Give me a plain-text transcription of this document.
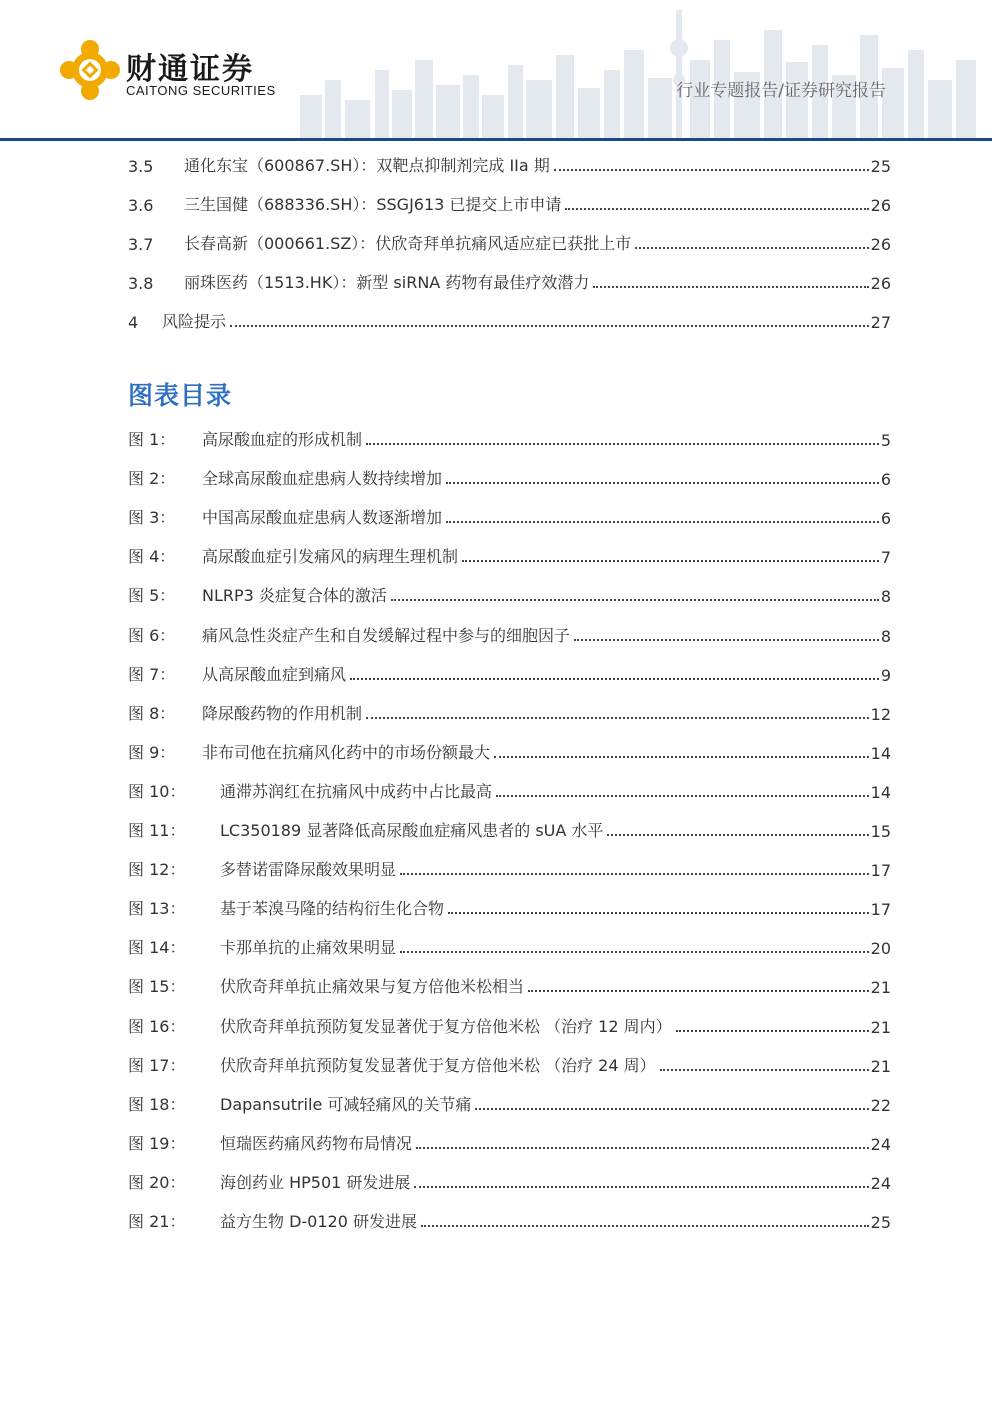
财通证券
CAITONG SECURITIES	行业专题报告/证券研究报告
3.5	通化东宝（600867.SH）：双靶点抑制剂完成 IIa 期	25
3.6	三生国健（688336.SH）：SSGJ613 已提交上市申请	26
3.7	长春高新（000661.SZ）：伏欣奇拜单抗痛风适应症已获批上市	26
3.8	丽珠医药（1513.HK）：新型 siRNA 药物有最佳疗效潜力	26
4	风险提示	27
图表目录
图 1：	高尿酸血症的形成机制	5
图 2：	全球高尿酸血症患病人数持续增加	6
图 3：	中国高尿酸血症患病人数逐渐增加	6
图 4：	高尿酸血症引发痛风的病理生理机制	7
图 5：	NLRP3 炎症复合体的激活	8
图 6：	痛风急性炎症产生和自发缓解过程中参与的细胞因子	8
图 7：	从高尿酸血症到痛风	9
图 8：	降尿酸药物的作用机制	12
图 9：	非布司他在抗痛风化药中的市场份额最大	14
图 10：	通滞苏润红在抗痛风中成药中占比最高	14
图 11：	LC350189 显著降低高尿酸血症痛风患者的 sUA 水平	15
图 12：	多替诺雷降尿酸效果明显	17
图 13：	基于苯溴马隆的结构衍生化合物	17
图 14：	卡那单抗的止痛效果明显	20
图 15：	伏欣奇拜单抗止痛效果与复方倍他米松相当	21
图 16：	伏欣奇拜单抗预防复发显著优于复方倍他米松 （治疗 12 周内）	21
图 17：	伏欣奇拜单抗预防复发显著优于复方倍他米松 （治疗 24 周）	21
图 18：	Dapansutrile 可减轻痛风的关节痛	22
图 19：	恒瑞医药痛风药物布局情况	24
图 20：	海创药业 HP501 研发进展	24
图 21：	益方生物 D-0120 研发进展	25
